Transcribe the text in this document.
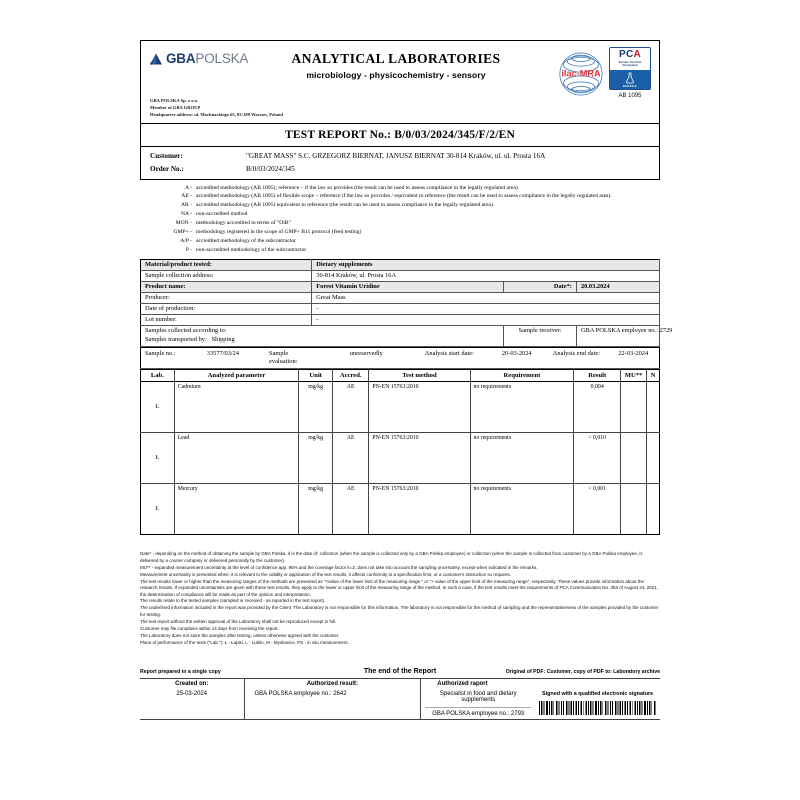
GBAPOLSKA	ANALYTICAL LABORATORIES
microbiology - physicochemistry - sensory
GBA POLSKA Sp. z o.o.
Member of GBA GROUP
Headquarter address: ul. Mochnackiego 65, 03-289 Warsaw, Poland
ilac-MRA
PC A
Polskie Centrum Akredytacji
BADANIA
AB 1095
TEST REPORT No.: B/0/03/2024/345/F/2/EN
Customer:	"GREAT MASS" S.C. GRZEGORZ BIERNAT, JANUSZ BIERNAT 30-814 Kraków, ul. ul. Prosta 16A
Order No.:	B/0/03/2024/345
A - accredited methodology (AB 1095); reference – if the law so provides (the result can be used to assess compliance in the legally regulated area).
AE - accredited methodology (AB 1095) of flexible scope – reference if the law so provides / equivalent to reference (the result can be used to assess compliance in the legally regulated area).
AR - accredited methodology (AB 1095) equivalent to reference (the result can be used to assess compliance in the legally regulated area).
NA - non-accredited method
MON - methodology accredited in terms of "OiB"
GMP+ - methodology registered in the scope of GMP+ B11 protocol (feed testing)
A/P - accredited methodology of the subcontractor
P - non-accredited methodology of the subcontractor
Material/product tested:	Dietary supplements		
Sample collection address:	30-814 Kraków, ul. Prosta 16A		
Product name:	Forest Vitamin Uridine	Date*:	20.03.2024
Producer:	Great Mass		
Date of production:	-		
Lot number:	-		

Samples collected according to:
Samples transported by: Shipping		Sample receiver:	GBA POLSKA employee no.: 2729
Sample no.:	33577/03/24	Sample evaluation:	unreservedly	Analysis start date:	20-03-2024	Analysis end date:	22-03-2024
Lab.	Analyzed parameter	Unit	Accred.	Test method	Requirement	Result	MU**	N
Ł	Cadmium	mg/kg	AE	PN-EN 15763:2010	no requirements	0,004		
Ł	Lead	mg/kg	AE	PN-EN 15763:2010	no requirements	< 0,010		
Ł	Mercury	mg/kg	AE	PN-EN 15763:2010	no requirements	< 0,001		

Date* - depending on the method of obtaining the sample by GBA Polska, it is the date of: collection (when the sample is collected only by a GBA Polska employee) or collection (when the sample is collected from customer by a GBA Polska employee, is delivered by a courier company or delivered personally by the customer).

MU** - expanded measurement uncertainty at the level of confidence app. 95% and the coverage factor k=2, does not take into account the sampling uncertainty, except when indicated in the remarks.

Measurement uncertainty is presented when: it is relevant to the validity or application of the test results, it affects conformity to a specification limit, or a customer's instruction so requires.

The test results lower or higher than the measuring ranges of the methods are presented as "<value of the lower limit of the measuring range " or "> value of the upper limit of the measuring range", respectively. These values provide information about the research results. If expanded uncertainties are given with these test results, they apply to the lower or upper limit of the measuring range of the method. In such a case, if the test results meet the requirements of PCA Communication No. 353 of August 24, 2021, the determination of compliance will be made as part of the opinion and interpretation.

The results relate to the tested samples (sampled or received - as reported in the test report).

The underlined information included in the report was provided by the Client. The Laboratory is not responsible for this information. The laboratory is not responsible for the method of sampling and the representativeness of the samples provided by the customer for testing.

The test report without the written approval of the Laboratory shall not be reproduced except in full.

Customer may file complains within 14 days from receiving the report.

The Laboratory does not store the samples after testing, unless otherwise agreed with the customer.

Place of performance of the tests ("Lab."): Ł - Łajski, L - Lublin, M - Mysłowice, PS - in situ measurement.

Report prepared in a single copy	The end of the Report	Original of PDF: Customer, copy of PDF to: Laboratory archive
Created on:	Authorized result:	Authorized raport	
25-03-2024	GBA POLSKA employee no.: 2642	Specialist in food and dietary supplements
GBA POLSKA employee no.: 2793	Signed with a qualified electronic signature
